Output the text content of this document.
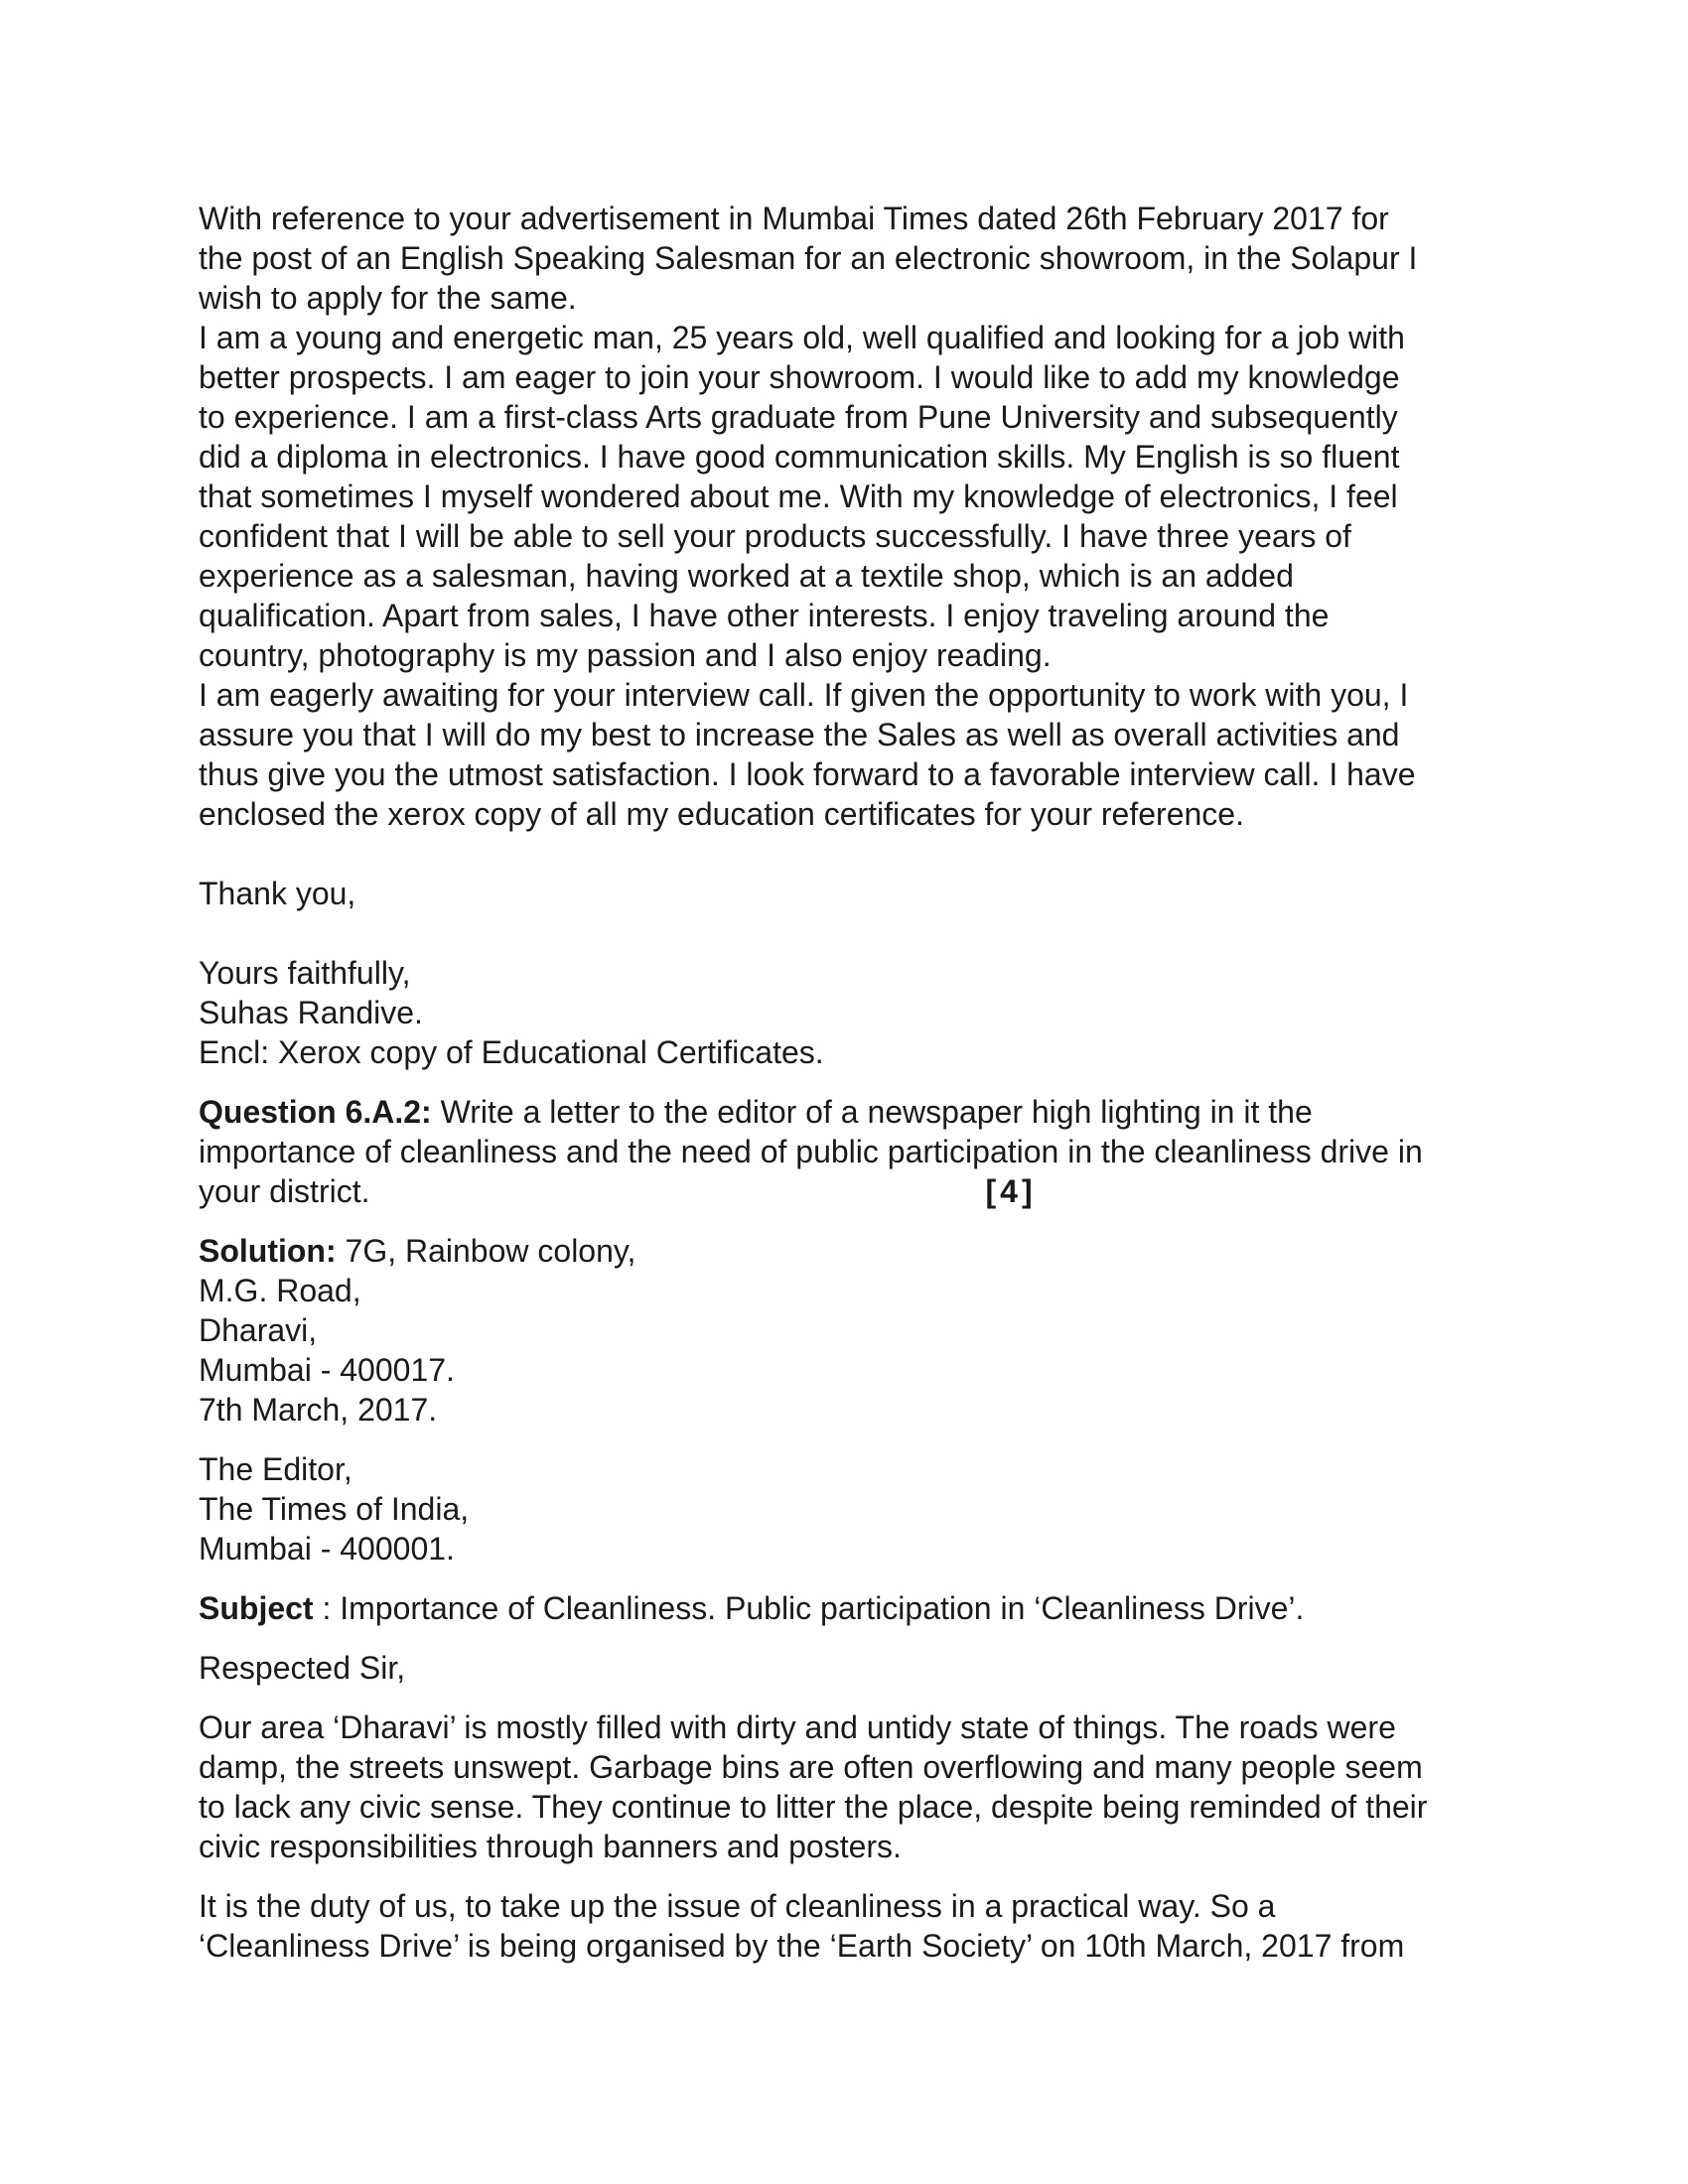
With reference to your advertisement in Mumbai Times dated 26th February 2017 for
the post of an English Speaking Salesman for an electronic showroom, in the Solapur I
wish to apply for the same.
I am a young and energetic man, 25 years old, well qualified and looking for a job with
better prospects. I am eager to join your showroom. I would like to add my knowledge
to experience. I am a first-class Arts graduate from Pune University and subsequently
did a diploma in electronics. I have good communication skills. My English is so fluent
that sometimes I myself wondered about me. With my knowledge of electronics, I feel
confident that I will be able to sell your products successfully. I have three years of
experience as a salesman, having worked at a textile shop, which is an added
qualification. Apart from sales, I have other interests. I enjoy traveling around the
country, photography is my passion and I also enjoy reading.
I am eagerly awaiting for your interview call. If given the opportunity to work with you, I
assure you that I will do my best to increase the Sales as well as overall activities and
thus give you the utmost satisfaction. I look forward to a favorable interview call. I have
enclosed the xerox copy of all my education certificates for your reference.
Thank you,
Yours faithfully,
Suhas Randive.
Encl: Xerox copy of Educational Certificates.
Question 6.A.2: Write a letter to the editor of a newspaper high lighting in it the
importance of cleanliness and the need of public participation in the cleanliness drive in
your district.	[4]
Solution: 7G, Rainbow colony,
M.G. Road,
Dharavi,
Mumbai - 400017.
7th March, 2017.
The Editor,
The Times of India,
Mumbai - 400001.
Subject : Importance of Cleanliness. Public participation in ‘Cleanliness Drive’.
Respected Sir,
Our area ‘Dharavi’ is mostly filled with dirty and untidy state of things. The roads were
damp, the streets unswept. Garbage bins are often overflowing and many people seem
to lack any civic sense. They continue to litter the place, despite being reminded of their
civic responsibilities through banners and posters.
It is the duty of us, to take up the issue of cleanliness in a practical way. So a
‘Cleanliness Drive’ is being organised by the ‘Earth Society’ on 10th March, 2017 from
